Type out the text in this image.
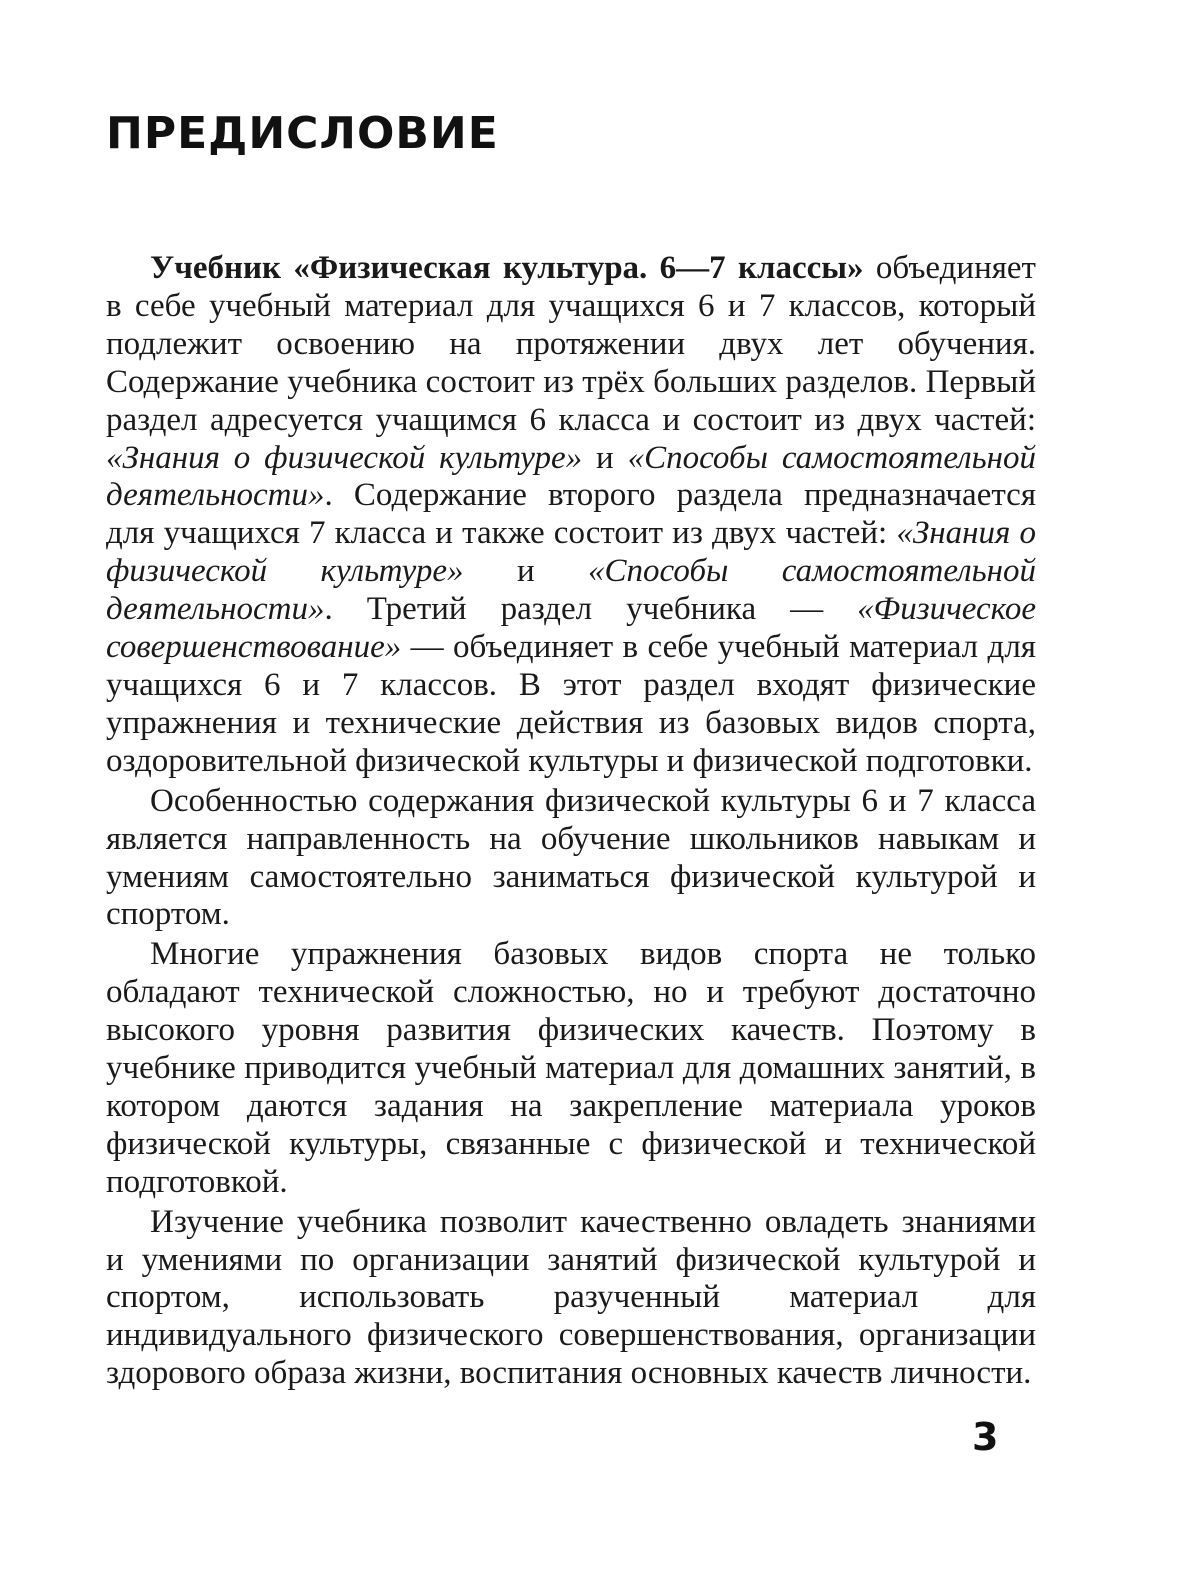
ПРЕДИСЛОВИЕ

Учебник «Физическая культура. 6—7 классы» объединяет в себе учебный материал для учащихся 6 и 7 классов, который подлежит освоению на протяжении двух лет обучения. Содержание учебника состоит из трёх больших разделов. Первый раздел адресуется учащимся 6 класса и состоит из двух частей: «Знания о физической культуре» и «Способы самостоятельной деятельности». Содержание второго раздела предназначается для учащихся 7 класса и также состоит из двух частей: «Знания о физической культуре» и «Способы самостоятельной деятельности». Третий раздел учебника — «Физическое совершенствование» — объединяет в себе учебный материал для учащихся 6 и 7 классов. В этот раздел входят физические упражнения и технические действия из базовых видов спорта, оздоровительной физической культуры и физической подготовки.

Особенностью содержания физической культуры 6 и 7 класса является направленность на обучение школьников навыкам и умениям самостоятельно заниматься физической культурой и спортом.

Многие упражнения базовых видов спорта не только обладают технической сложностью, но и требуют достаточно высокого уровня развития физических качеств. Поэтому в учебнике приводится учебный материал для домашних занятий, в котором даются задания на закрепление материала уроков физической культуры, связанные с физической и технической подготовкой.

Изучение учебника позволит качественно овладеть знаниями и умениями по организации занятий физической культурой и спортом, использовать разученный материал для индивидуального физического совершенствования, организации здорового образа жизни, воспитания основных качеств личности.

3
